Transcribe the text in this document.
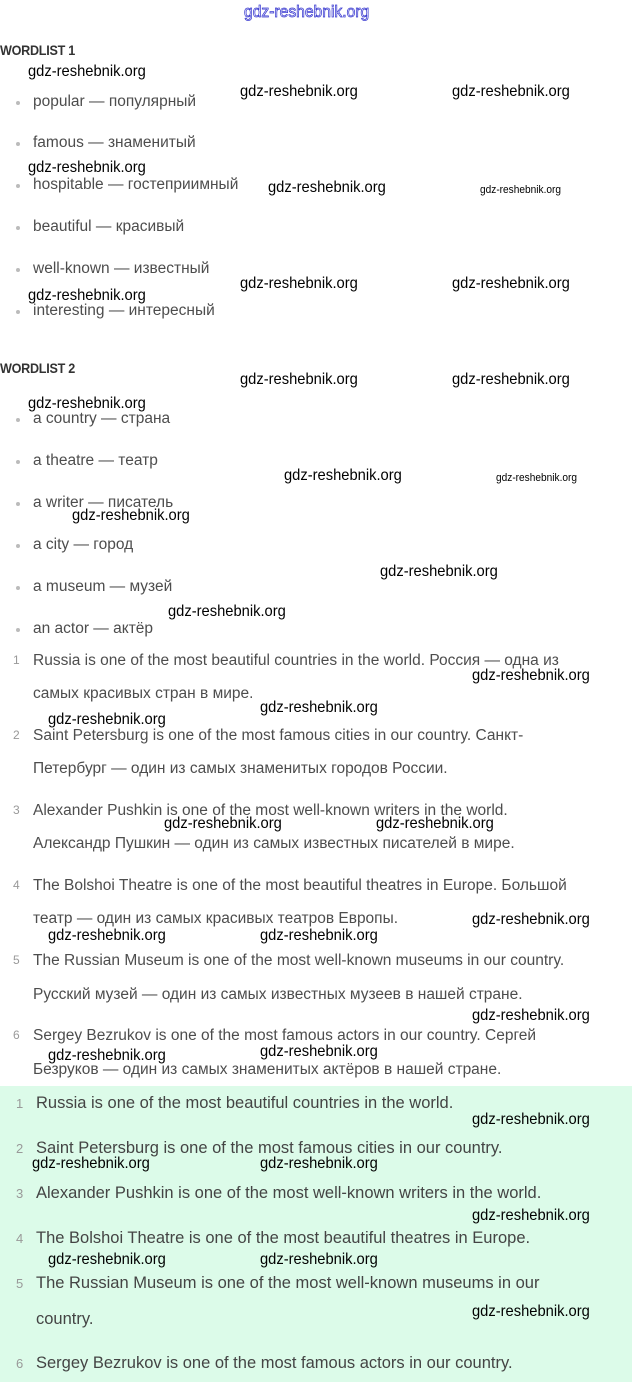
WORDLIST 1
WORDLIST 2
popular — популярный
famous — знаменитый
hospitable — гостеприимный
beautiful — красивый
well-known — известный
interesting — интересный
a country — страна
a theatre — театр
a writer — писатель
a city — город
a museum — музей
an actor — актёр
1 Russia is one of the most beautiful countries in the world. Россия — одна из
самых красивых стран в мире.
2 Saint Petersburg is one of the most famous cities in our country. Санкт-
Петербург — один из самых знаменитых городов России.
3 Alexander Pushkin is one of the most well-known writers in the world.
Александр Пушкин — один из самых известных писателей в мире.
4 The Bolshoi Theatre is one of the most beautiful theatres in Europe. Большой
театр — один из самых красивых театров Европы.
5 The Russian Museum is one of the most well-known museums in our country.
Русский музей — один из самых известных музеев в нашей стране.
6 Sergey Bezrukov is one of the most famous actors in our country. Сергей
Безруков — один из самых знаменитых актёров в нашей стране.
1 Russia is one of the most beautiful countries in the world.
2 Saint Petersburg is one of the most famous cities in our country.
3 Alexander Pushkin is one of the most well-known writers in the world.
4 The Bolshoi Theatre is one of the most beautiful theatres in Europe.
5 The Russian Museum is one of the most well-known museums in our
country.
6 Sergey Bezrukov is one of the most famous actors in our country.
gdz-reshebnik.org
gdz-reshebnik.org
gdz-reshebnik.org	gdz-reshebnik.org
gdz-reshebnik.org
gdz-reshebnik.org	gdz-reshebnik.org
gdz-reshebnik.org	gdz-reshebnik.org
gdz-reshebnik.org
gdz-reshebnik.org	gdz-reshebnik.org
gdz-reshebnik.org
gdz-reshebnik.org	gdz-reshebnik.org
gdz-reshebnik.org
gdz-reshebnik.org
gdz-reshebnik.org
gdz-reshebnik.org
gdz-reshebnik.org
gdz-reshebnik.org
gdz-reshebnik.org	gdz-reshebnik.org
gdz-reshebnik.org
gdz-reshebnik.org	gdz-reshebnik.org
gdz-reshebnik.org
gdz-reshebnik.org	gdz-reshebnik.org
gdz-reshebnik.org
gdz-reshebnik.org	gdz-reshebnik.org
gdz-reshebnik.org
gdz-reshebnik.org	gdz-reshebnik.org
gdz-reshebnik.org
